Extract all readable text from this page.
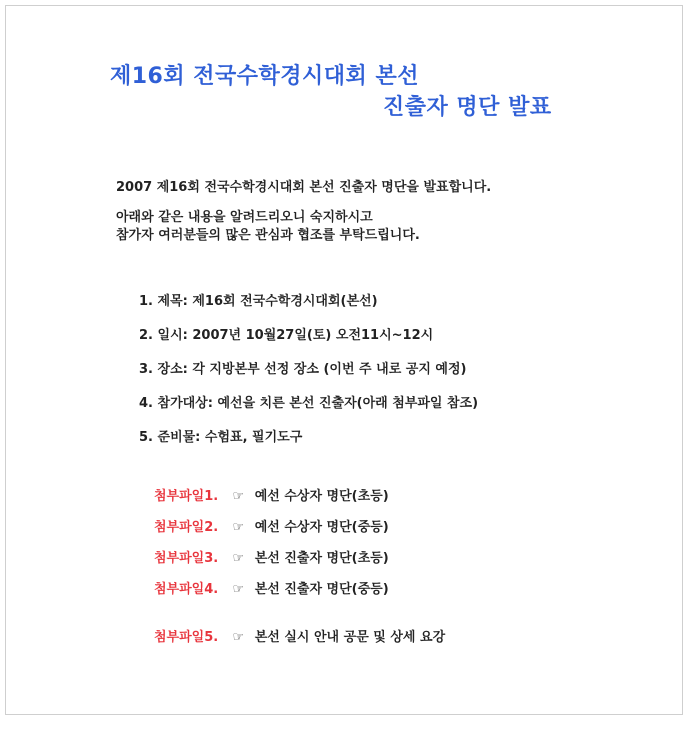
제16회 전국수학경시대회 본선
진출자 명단 발표
2007 제16회 전국수학경시대회 본선 진출자 명단을 발표합니다.
아래와 같은 내용을 알려드리오니 숙지하시고
참가자 여러분들의 많은 관심과 협조를 부탁드립니다.
1. 제목: 제16회 전국수학경시대회(본선)
2. 일시: 2007년 10월27일(토) 오전11시~12시
3. 장소: 각 지방본부 선정 장소 (이번 주 내로 공지 예정)
4. 참가대상: 예선을 치른 본선 진출자(아래 첨부파일 참조)
5. 준비물: 수험표, 필기도구
첨부파일1. ☞ 예선 수상자 명단(초등)
첨부파일2. ☞ 예선 수상자 명단(중등)
첨부파일3. ☞ 본선 진출자 명단(초등)
첨부파일4. ☞ 본선 진출자 명단(중등)
첨부파일5. ☞ 본선 실시 안내 공문 및 상세 요강
